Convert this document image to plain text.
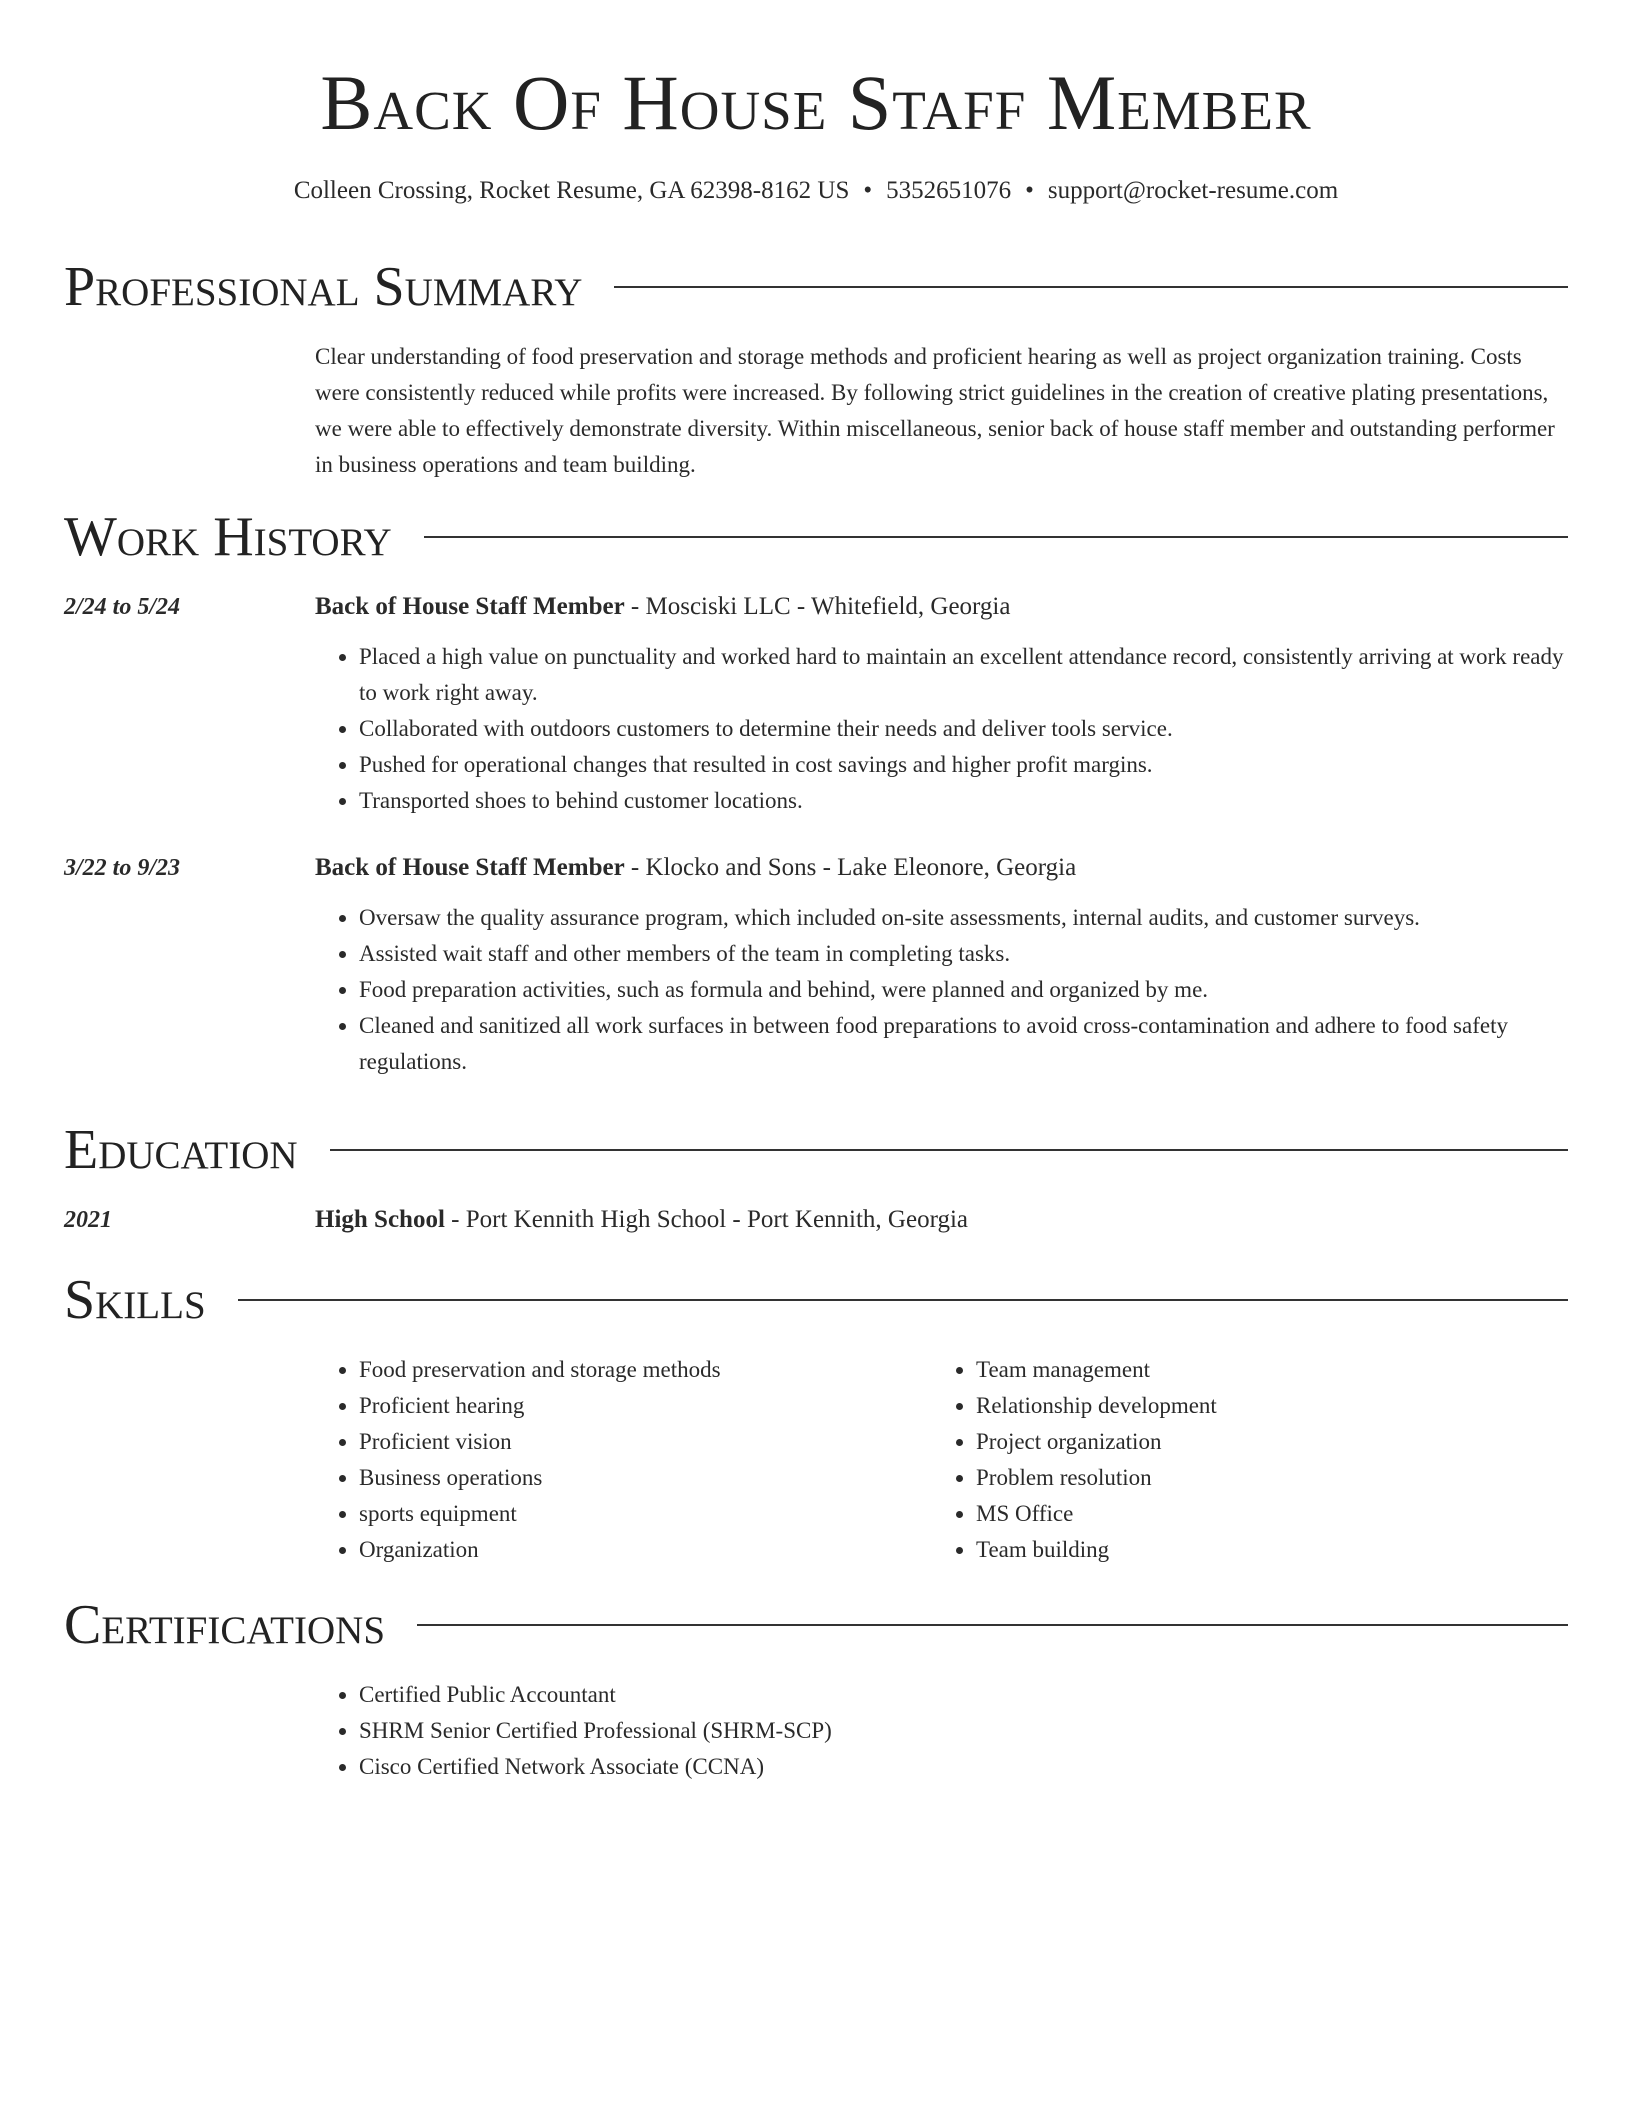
Back Of House Staff Member
Colleen Crossing, Rocket Resume, GA 62398-8162 US • 5352651076 • support@rocket-resume.com
Professional Summary
Clear understanding of food preservation and storage methods and proficient hearing as well as project organization training. Costs were consistently reduced while profits were increased. By following strict guidelines in the creation of creative plating presentations, we were able to effectively demonstrate diversity. Within miscellaneous, senior back of house staff member and outstanding performer in business operations and team building.
Work History
2/24 to 5/24	Back of House Staff Member - Mosciski LLC - Whitefield, Georgia
• Placed a high value on punctuality and worked hard to maintain an excellent attendance record, consistently arriving at work ready to work right away.
• Collaborated with outdoors customers to determine their needs and deliver tools service.
• Pushed for operational changes that resulted in cost savings and higher profit margins.
• Transported shoes to behind customer locations.
3/22 to 9/23	Back of House Staff Member - Klocko and Sons - Lake Eleonore, Georgia
• Oversaw the quality assurance program, which included on-site assessments, internal audits, and customer surveys.
• Assisted wait staff and other members of the team in completing tasks.
• Food preparation activities, such as formula and behind, were planned and organized by me.
• Cleaned and sanitized all work surfaces in between food preparations to avoid cross-contamination and adhere to food safety regulations.
Education
2021	High School - Port Kennith High School - Port Kennith, Georgia
Skills
• Food preservation and storage methods
• Proficient hearing
• Proficient vision
• Business operations
• sports equipment
• Organization
• Team management
• Relationship development
• Project organization
• Problem resolution
• MS Office
• Team building
Certifications
• Certified Public Accountant
• SHRM Senior Certified Professional (SHRM-SCP)
• Cisco Certified Network Associate (CCNA)
